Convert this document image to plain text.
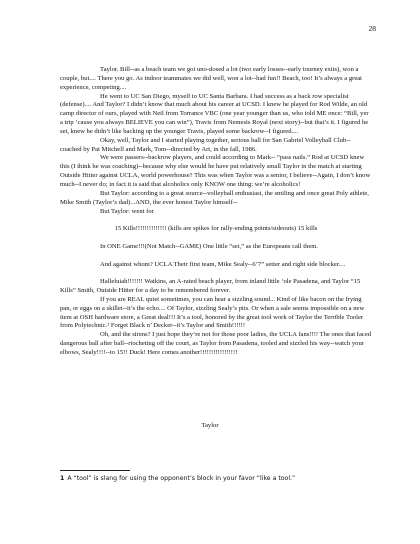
28

Taylor. Bill--as a beach team we got uno-dosed a lot (two early losses--early tourney exits), won a couple, but.... There you go. As indoor teammates we did well, won a lot--had fun!! Beach, too! It’s always a great experience, competing....

He went to UC San Diego, myself to UC Santa Barbara. I had success as a back row specialist (defense).... And Taylor? I didn’t know that much about his career at UCSD. I knew he played for Rod Wilde, an old camp director of ours, played with Neil from Torrance VBC (one year younger than us, who told ME once: “Bill, yer a trip ‘cause you always BELIEVE you can win”), Travis from Nemesis Royal (next story)--but that’s it. I figured he set, knew he didn’t like backing up the younger Travis, played some backrow--I figured....

Okay, well, Taylor and I started playing together, serious ball for San Gabriel Volleyball Club--coached by Pat Mitchell and Mark, Tom--directed by Art, in the fall, 1986.

We were passers--backrow players, and could according to Mark-- “pass nails.” Rod at UCSD knew this (I think he was coaching)--because why else would he have put relatively small Taylor in the match at starting Outside Hitter against UCLA, world powerhouse? This was when Taylor was a senior, I believe--Again, I don’t know much--I never do; in fact it is said that alcoholics only KNOW one thing: we’re alcoholics!

But Taylor: according to a great source--volleyball enthusiast, the smiling and once great Poly athlete, Mike Smith (Taylor’s dad)...AND, the ever honest Taylor himself--

But Taylor: went for

15 Kills!!!!!!!!!!!!!! (kills are spikes for rally-ending points/sideouts) 15 kills

In ONE Game!!!(Not Match--GAME) One little “set,” as the Europeans call them.

And against whom? UCLA Their first team, Mike Sealy--6’7” setter and right side blocker....

Halleluiah!!!!!!! Watkins, an A-rated beach player, from inland little ‘ole Pasadena, and Taylor “15 Kills” Smith, Outside Hitter for a day to be remembered forever.

If you are REAL quiet sometimes, you can hear a sizzling sound... Kind of like bacon on the frying pan, or eggs on a skillet--it’s the echo.... Of Taylor, sizzling Sealy’s pits. Or when a sale seems impossible on a new item at OSH hardware store, a Great deal!!! It’s a tool, honored by the great tool work of Taylor the Terrible Tooler from Polytechnic.¹ Forget Black n’ Decker--it’s Taylor and Smith!!!!!!

Oh, and the sirens? I just hope they’re not for those poor ladies, the UCLA fans!!!! The ones that faced dangerous ball after ball--riocheting off the court, as Taylor from Pasadena, tooled and sizzled his way--watch your elbows, Sealy!!!!--to 15!! Duck! Here comes another!!!!!!!!!!!!!!!!!

Taylor
1 A “tool” is slang for using the opponent’s block in your favor “like a tool.”
